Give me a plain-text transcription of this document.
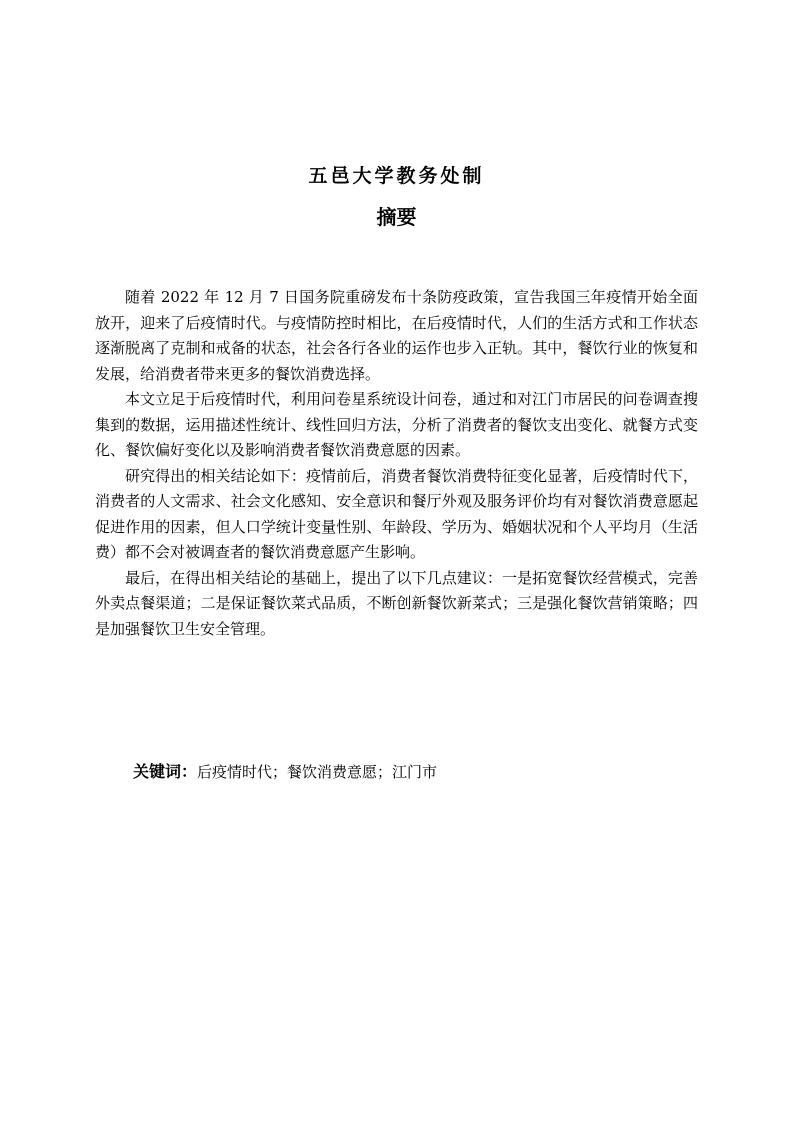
五邑大学教务处制
摘要

随着 2022 年 12 月 7 日国务院重磅发布十条防疫政策，宣告我国三年疫情开始全面放开，迎来了后疫情时代。与疫情防控时相比，在后疫情时代，人们的生活方式和工作状态逐渐脱离了克制和戒备的状态，社会各行各业的运作也步入正轨。其中，餐饮行业的恢复和发展，给消费者带来更多的餐饮消费选择。

本文立足于后疫情时代，利用问卷星系统设计问卷，通过和对江门市居民的问卷调查搜集到的数据，运用描述性统计、线性回归方法，分析了消费者的餐饮支出变化、就餐方式变化、餐饮偏好变化以及影响消费者餐饮消费意愿的因素。

研究得出的相关结论如下：疫情前后，消费者餐饮消费特征变化显著，后疫情时代下，消费者的人文需求、社会文化感知、安全意识和餐厅外观及服务评价均有对餐饮消费意愿起促进作用的因素，但人口学统计变量性别、年龄段、学历为、婚姻状况和个人平均月（生活费）都不会对被调查者的餐饮消费意愿产生影响。

最后，在得出相关结论的基础上，提出了以下几点建议：一是拓宽餐饮经营模式，完善外卖点餐渠道；二是保证餐饮菜式品质，不断创新餐饮新菜式；三是强化餐饮营销策略；四是加强餐饮卫生安全管理。

关键词：后疫情时代；餐饮消费意愿；江门市
